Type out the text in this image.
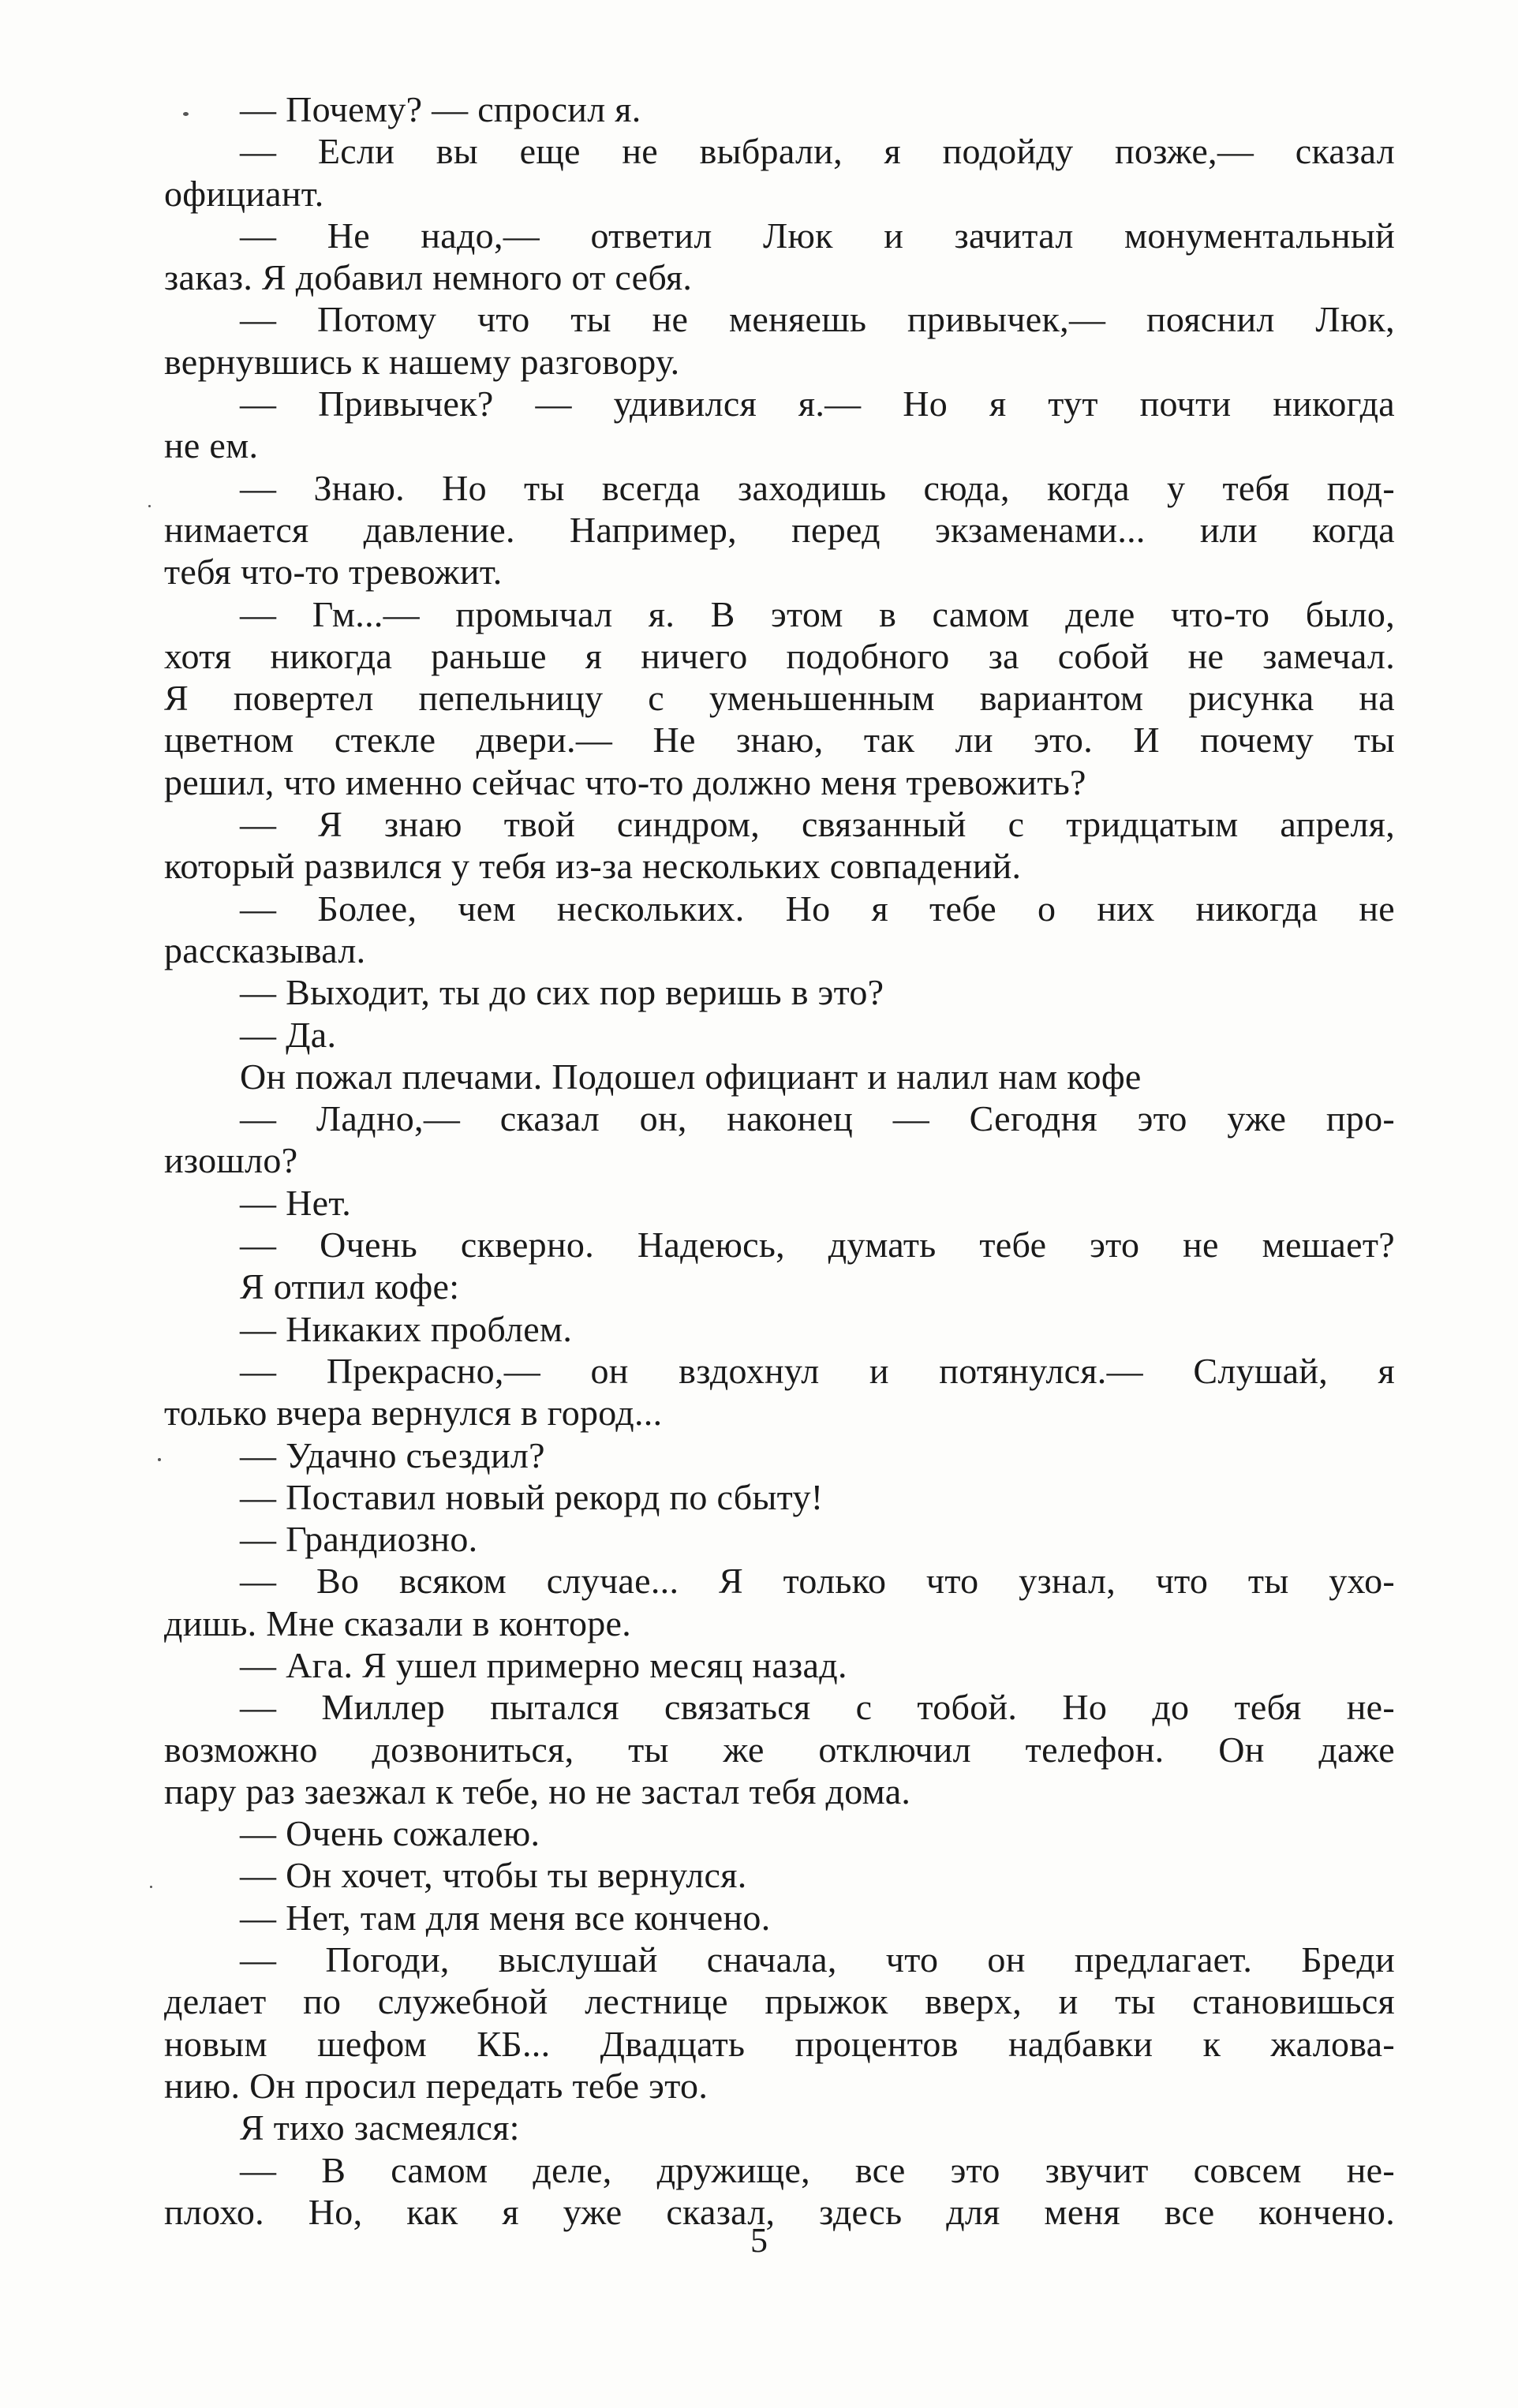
— Почему? — спросил я.
— Если вы еще не выбрали, я подойду позже,— сказал
официант.
— Не надо,— ответил Люк и зачитал монументальный
заказ. Я добавил немного от себя.
— Потому что ты не меняешь привычек,— пояснил Люк,
вернувшись к нашему разговору.
— Привычек? — удивился я.— Но я тут почти никогда
не ем.
— Знаю. Но ты всегда заходишь сюда, когда у тебя под-
нимается давление. Например, перед экзаменами... или когда
тебя что-то тревожит.
— Гм...— промычал я. В этом в самом деле что-то было,
хотя никогда раньше я ничего подобного за собой не замечал.
Я повертел пепельницу с уменьшенным вариантом рисунка на
цветном стекле двери.— Не знаю, так ли это. И почему ты
решил, что именно сейчас что-то должно меня тревожить?
— Я знаю твой синдром, связанный с тридцатым апреля,
который развился у тебя из-за нескольких совпадений.
— Более, чем нескольких. Но я тебе о них никогда не
рассказывал.
— Выходит, ты до сих пор веришь в это?
— Да.
Он пожал плечами. Подошел официант и налил нам кофе
— Ладно,— сказал он, наконец — Сегодня это уже про-
изошло?
— Нет.
— Очень скверно. Надеюсь, думать тебе это не мешает?
Я отпил кофе:
— Никаких проблем.
— Прекрасно,— он вздохнул и потянулся.— Слушай, я
только вчера вернулся в город...
— Удачно съездил?
— Поставил новый рекорд по сбыту!
— Грандиозно.
— Во всяком случае... Я только что узнал, что ты ухо-
дишь. Мне сказали в конторе.
— Ага. Я ушел примерно месяц назад.
— Миллер пытался связаться с тобой. Но до тебя не-
возможно дозвониться, ты же отключил телефон. Он даже
пару раз заезжал к тебе, но не застал тебя дома.
— Очень сожалею.
— Он хочет, чтобы ты вернулся.
— Нет, там для меня все кончено.
— Погоди, выслушай сначала, что он предлагает. Бреди
делает по служебной лестнице прыжок вверх, и ты становишься
новым шефом КБ... Двадцать процентов надбавки к жалова-
нию. Он просил передать тебе это.
Я тихо засмеялся:
— В самом деле, дружище, все это звучит совсем не-
плохо. Но, как я уже сказал, здесь для меня все кончено.
5
